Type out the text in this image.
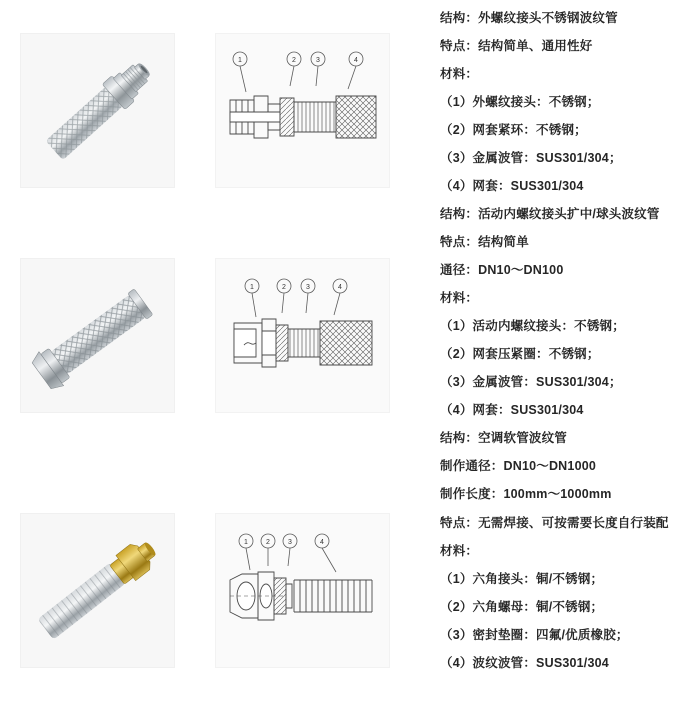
1	2	3	4
1	2	3	4
1	2	3	4
结构：外螺纹接头不锈钢波纹管
特点：结构简单、通用性好
材料：
（1）外螺纹接头：不锈钢；
（2）网套紧环：不锈钢；
（3）金属波管：SUS301/304；
（4）网套：SUS301/304
结构：活动内螺纹接头扩中/球头波纹管
特点：结构简单
通径：DN10～DN100
材料：
（1）活动内螺纹接头：不锈钢；
（2）网套压紧圈：不锈钢；
（3）金属波管：SUS301/304；
（4）网套：SUS301/304
结构：空调软管波纹管
制作通径：DN10～DN1000
制作长度：100mm～1000mm
特点：无需焊接、可按需要长度自行装配
材料：
（1）六角接头：铜/不锈钢；
（2）六角螺母：铜/不锈钢；
（3）密封垫圈：四氟/优质橡胶；
（4）波纹波管：SUS301/304
